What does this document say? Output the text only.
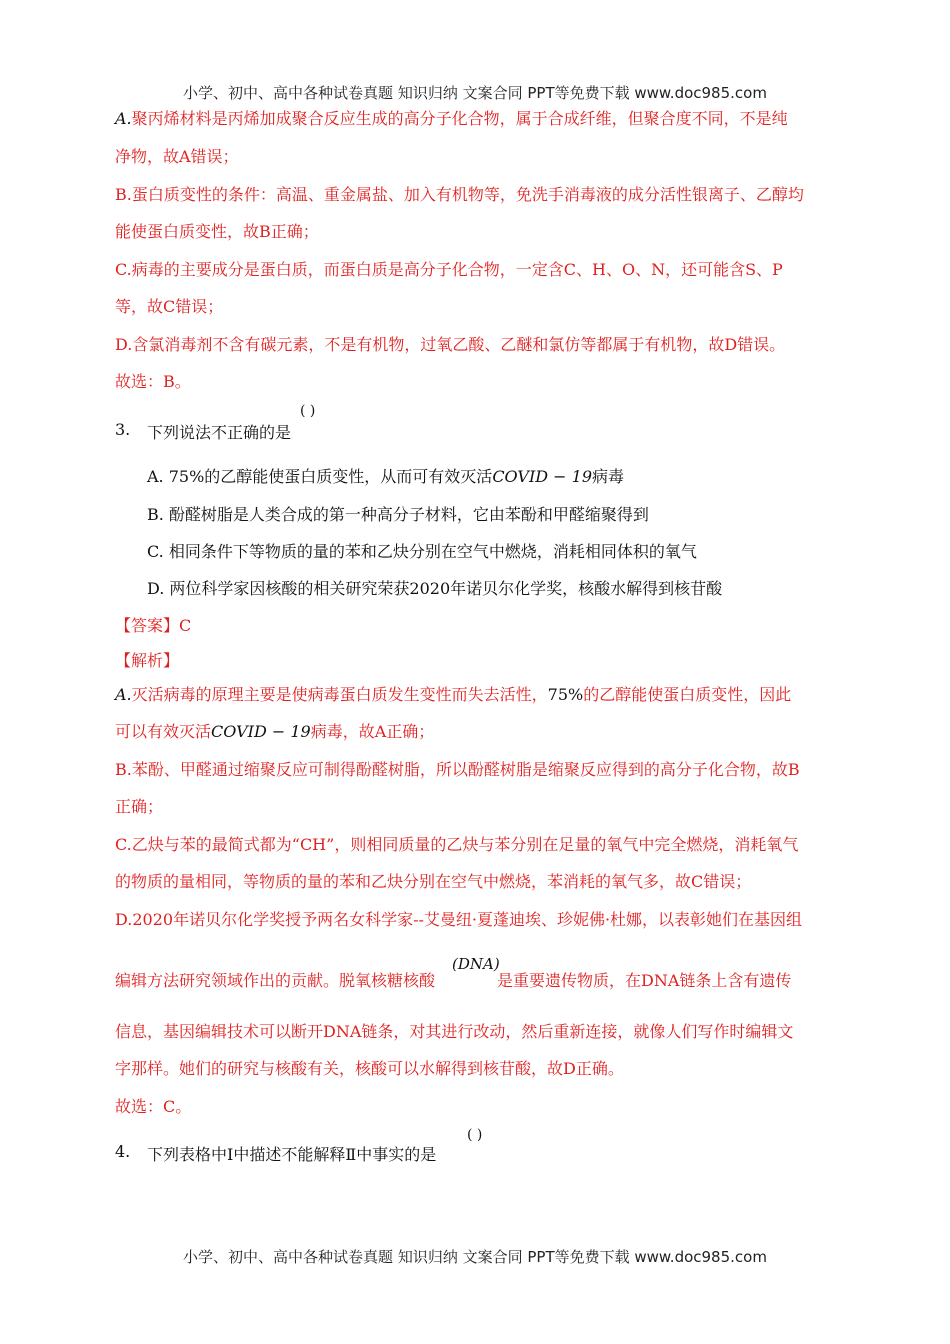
小学、初中、高中各种试卷真题 知识归纳 文案合同 PPT等免费下载 www.doc985.com
A.聚丙烯材料是丙烯加成聚合反应生成的高分子化合物，属于合成纤维，但聚合度不同，不是纯
净物，故A错误；
B.蛋白质变性的条件：高温、重金属盐、加入有机物等，免洗手消毒液的成分活性银离子、乙醇均
能使蛋白质变性，故B正确；
C.病毒的主要成分是蛋白质，而蛋白质是高分子化合物，一定含C、H、O、N，还可能含S、P
等，故C错误；
D.含氯消毒剂不含有碳元素，不是有机物，过氧乙酸、乙醚和氯仿等都属于有机物，故D错误。
故选：B。
3. 下列说法不正确的是
( )
A. 75%的乙醇能使蛋白质变性，从而可有效灭活COVID − 19病毒
B. 酚醛树脂是人类合成的第一种高分子材料，它由苯酚和甲醛缩聚得到
C. 相同条件下等物质的量的苯和乙炔分别在空气中燃烧，消耗相同体积的氧气
D. 两位科学家因核酸的相关研究荣获2020年诺贝尔化学奖，核酸水解得到核苷酸
【答案】C
【解析】
A.灭活病毒的原理主要是使病毒蛋白质发生变性而失去活性，75%的乙醇能使蛋白质变性，因此
可以有效灭活COVID − 19病毒，故A正确；
B.苯酚、甲醛通过缩聚反应可制得酚醛树脂，所以酚醛树脂是缩聚反应得到的高分子化合物，故B
正确；
C.乙炔与苯的最简式都为“CH”，则相同质量的乙炔与苯分别在足量的氧气中完全燃烧，消耗氧气
的物质的量相同，等物质的量的苯和乙炔分别在空气中燃烧，苯消耗的氧气多，故C错误；
D.2020年诺贝尔化学奖授予两名女科学家--艾曼纽·夏蓬迪埃、珍妮佛·杜娜，以表彰她们在基因组
(DNA)
编辑方法研究领域作出的贡献。脱氧核糖核酸	是重要遗传物质，在DNA链条上含有遗传
信息，基因编辑技术可以断开DNA链条，对其进行改动，然后重新连接，就像人们写作时编辑文
字那样。她们的研究与核酸有关，核酸可以水解得到核苷酸，故D正确。
故选：C。
4. 下列表格中Ⅰ中描述不能解释Ⅱ中事实的是
( )
小学、初中、高中各种试卷真题 知识归纳 文案合同 PPT等免费下载 www.doc985.com
